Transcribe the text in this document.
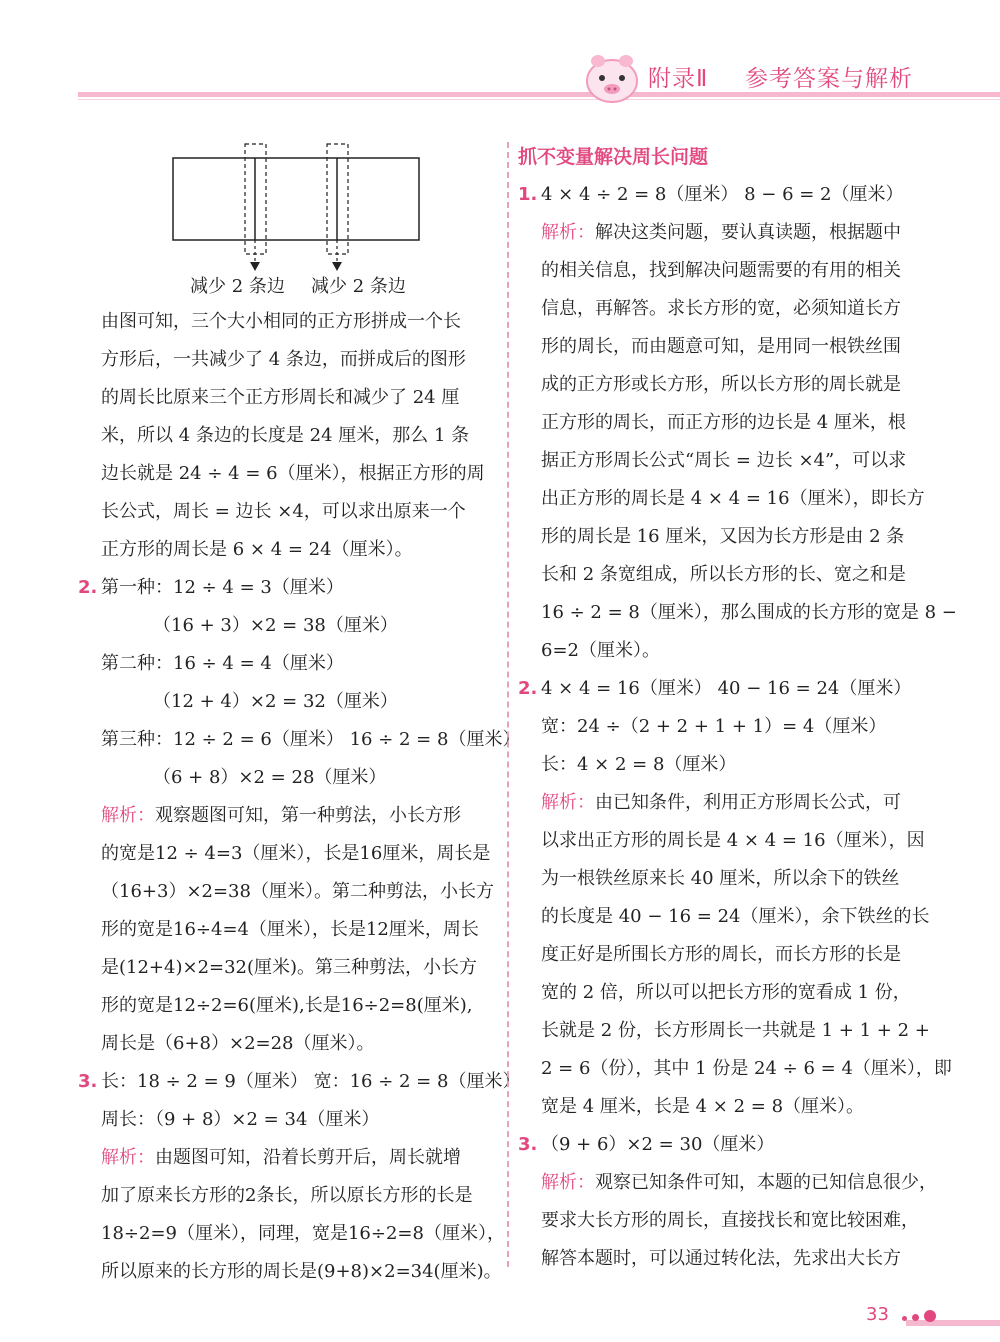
附录Ⅱ 参考答案与解析
减少 2 条边 减少 2 条边

由图可知，三个大小相同的正方形拼成一个长

方形后，一共减少了 4 条边，而拼成后的图形

的周长比原来三个正方形周长和减少了 24 厘

米，所以 4 条边的长度是 24 厘米，那么 1 条

边长就是 24 ÷ 4 = 6（厘米），根据正方形的周

长公式，周长 = 边长 ×4，可以求出原来一个

正方形的周长是 6 × 4 = 24（厘米）。

2. 第一种：12 ÷ 4 = 3（厘米）

（16 + 3）×2 = 38（厘米）

第二种：16 ÷ 4 = 4（厘米）

（12 + 4）×2 = 32（厘米）

第三种：12 ÷ 2 = 6（厘米） 16 ÷ 2 = 8（厘米）

（6 + 8）×2 = 28（厘米）

解析：观察题图可知，第一种剪法，小长方形

的宽是12 ÷ 4=3（厘米），长是16厘米，周长是

（16+3）×2=38（厘米）。第二种剪法，小长方

形的宽是16÷4=4（厘米），长是12厘米，周长

是(12+4)×2=32(厘米)。第三种剪法，小长方

形的宽是12÷2=6(厘米),长是16÷2=8(厘米),

周长是（6+8）×2=28（厘米）。

3. 长：18 ÷ 2 = 9（厘米） 宽：16 ÷ 2 = 8（厘米）

周长：（9 + 8）×2 = 34（厘米）

解析：由题图可知，沿着长剪开后，周长就增

加了原来长方形的2条长，所以原长方形的长是

18÷2=9（厘米），同理，宽是16÷2=8（厘米），

所以原来的长方形的周长是(9+8)×2=34(厘米)。

抓不变量解决周长问题

1. 4 × 4 ÷ 2 = 8（厘米） 8 − 6 = 2（厘米）

解析：解决这类问题，要认真读题，根据题中

的相关信息，找到解决问题需要的有用的相关

信息，再解答。求长方形的宽，必须知道长方

形的周长，而由题意可知，是用同一根铁丝围

成的正方形或长方形，所以长方形的周长就是

正方形的周长，而正方形的边长是 4 厘米，根

据正方形周长公式“周长 = 边长 ×4”，可以求

出正方形的周长是 4 × 4 = 16（厘米），即长方

形的周长是 16 厘米，又因为长方形是由 2 条

长和 2 条宽组成，所以长方形的长、宽之和是

16 ÷ 2 = 8（厘米），那么围成的长方形的宽是 8 −

6=2（厘米）。

2. 4 × 4 = 16（厘米） 40 − 16 = 24（厘米）

宽：24 ÷（2 + 2 + 1 + 1）= 4（厘米）

长：4 × 2 = 8（厘米）

解析：由已知条件，利用正方形周长公式，可

以求出正方形的周长是 4 × 4 = 16（厘米），因

为一根铁丝原来长 40 厘米，所以余下的铁丝

的长度是 40 − 16 = 24（厘米），余下铁丝的长

度正好是所围长方形的周长，而长方形的长是

宽的 2 倍，所以可以把长方形的宽看成 1 份，

长就是 2 份，长方形周长一共就是 1 + 1 + 2 +

2 = 6（份），其中 1 份是 24 ÷ 6 = 4（厘米），即

宽是 4 厘米，长是 4 × 2 = 8（厘米）。

3. （9 + 6）×2 = 30（厘米）

解析：观察已知条件可知，本题的已知信息很少，

要求大长方形的周长，直接找长和宽比较困难，

解答本题时，可以通过转化法，先求出大长方

33
